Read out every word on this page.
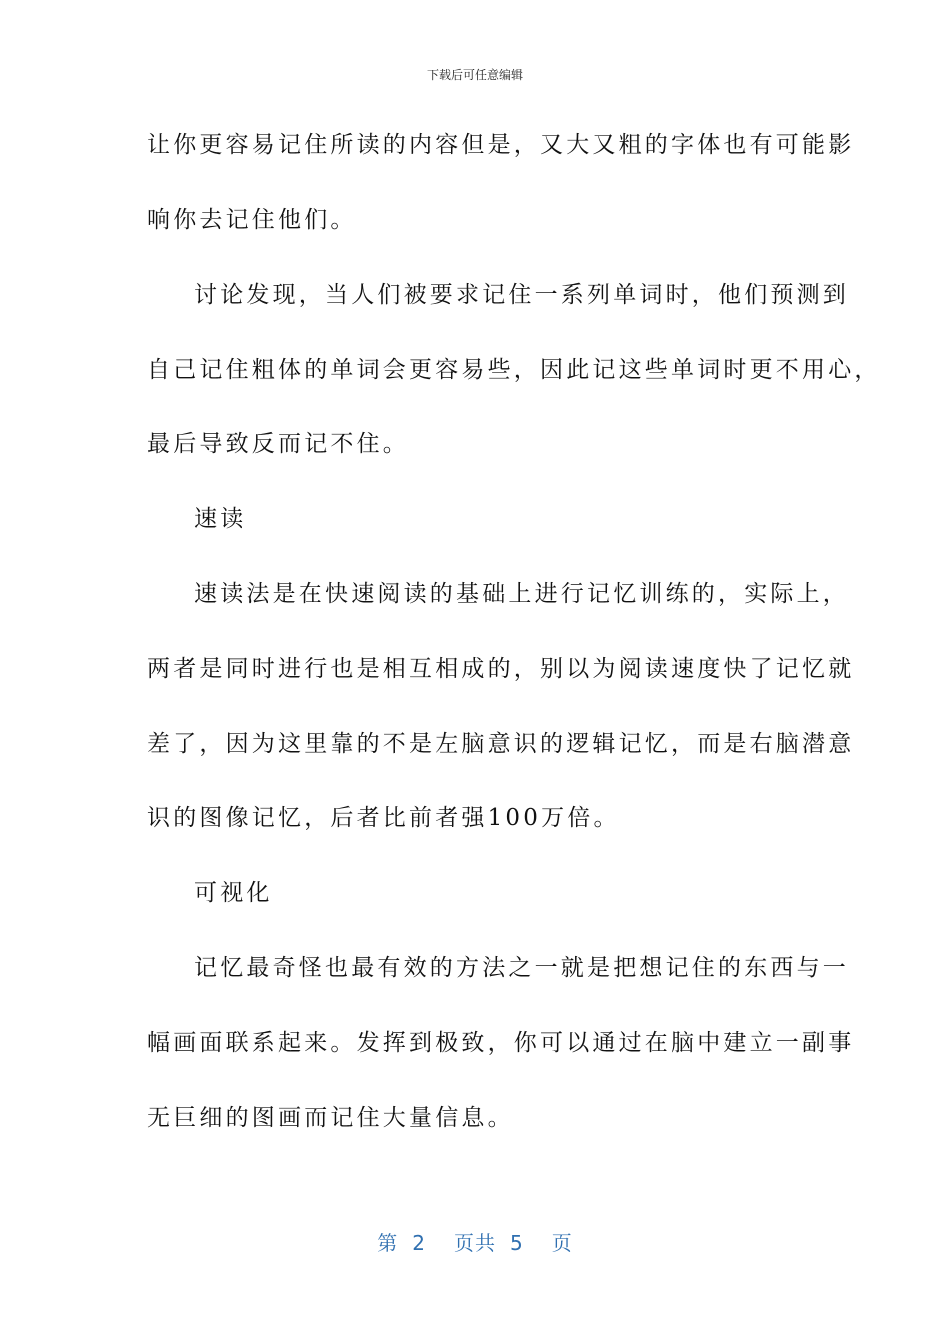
下载后可任意编辑
让你更容易记住所读的内容但是，又大又粗的字体也有可能影
响你去记住他们。
讨论发现，当人们被要求记住一系列单词时，他们预测到
自己记住粗体的单词会更容易些，因此记这些单词时更不用心，
最后导致反而记不住。
速读
速读法是在快速阅读的基础上进行记忆训练的，实际上，
两者是同时进行也是相互相成的，别以为阅读速度快了记忆就
差了，因为这里靠的不是左脑意识的逻辑记忆，而是右脑潜意
识的图像记忆，后者比前者强100万倍。
可视化
记忆最奇怪也最有效的方法之一就是把想记住的东西与一
幅画面联系起来。发挥到极致，你可以通过在脑中建立一副事
无巨细的图画而记住大量信息。
第 2 页共 5 页
